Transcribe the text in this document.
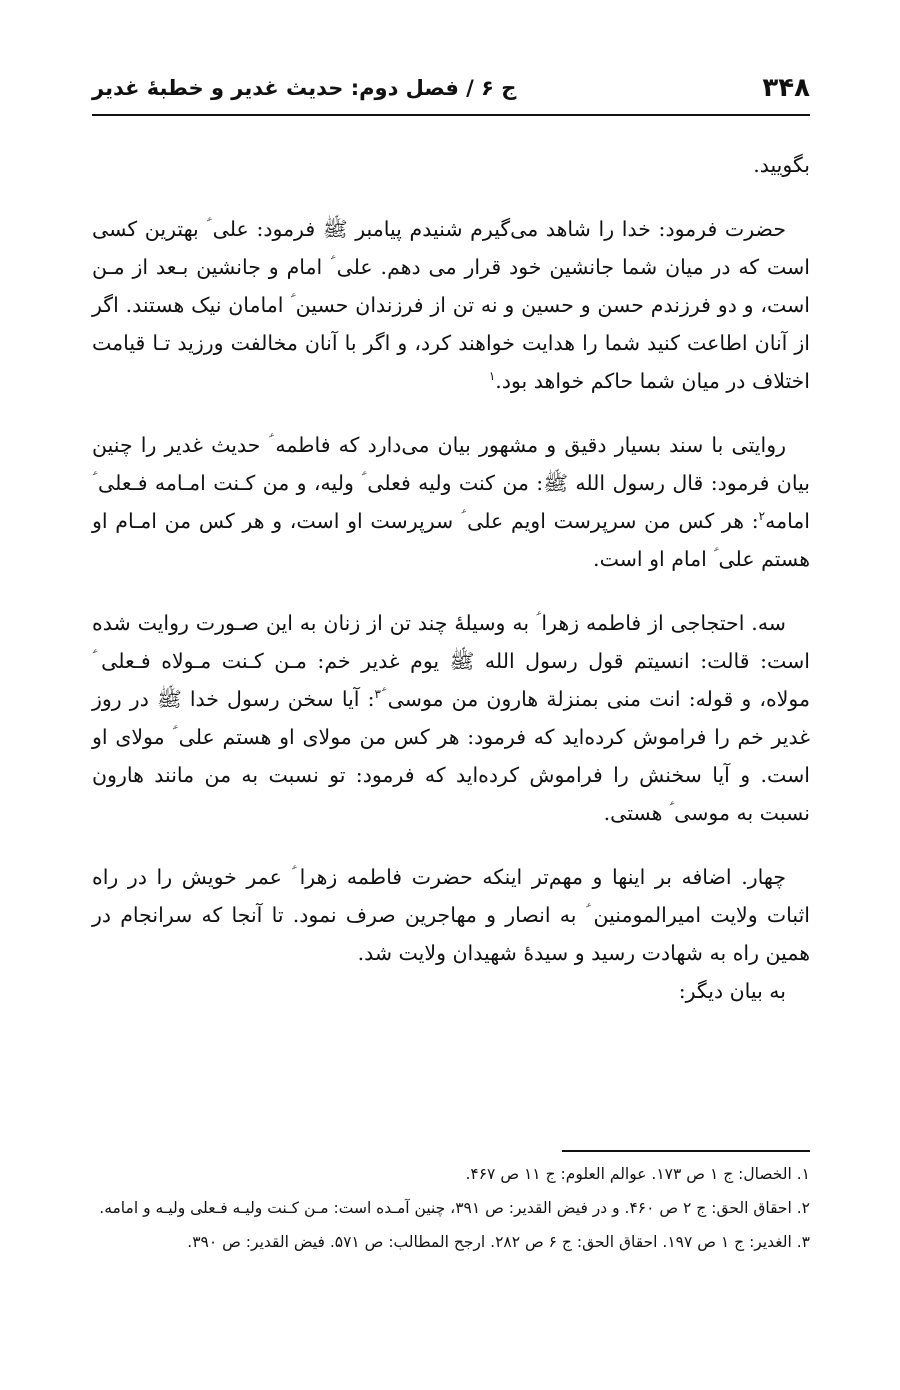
۳۴۸
ج ۶ / فصل دوم: حدیث غدیر و خطبۀ غدیر

بگویید.

حضرت فرمود: خدا را شاهد می‌گیرم شنیدم پیامبر ﷺ فرمود: علی ؑ بهترین کسی است که در میان شما جانشین خود قرار می دهم. علی ؑ امام و جانشین بـعد از مـن است، و دو فرزندم حسن و حسین و نه تن از فرزندان حسین ؑ امامان نیک هستند. اگر از آنان اطاعت کنید شما را هدایت خواهند کرد، و اگر با آنان مخالفت ورزید تـا قیامت اختلاف در میان شما حاکم خواهد بود.$^۱$

روایتی با سند بسیار دقیق و مشهور بیان می‌دارد که فاطمه ؑ حدیث غدیر را چنین بیان فرمود: قال رسول الله ﷺ: من کنت ولیه فعلی ؑ ولیه، و من کـنت امـامه فـعلی ؑ امامه$^۲$: هر کس من سرپرست اویم علی ؑ سرپرست او است، و هر کس من امـام او هستم علی ؑ امام او است.

سه. احتجاجی از فاطمه زهرا ؑ به وسیلۀ چند تن از زنان به این صـورت روایت شده است: قالت: انسیتم قول رسول الله ﷺ یوم غدیر خم: مـن کـنت مـولاه فـعلی ؑ مولاه، و قوله: انت منی بمنزلة هارون من موسی ؑ$^۳$: آیا سخن رسول خدا ﷺ در روز غدیر خم را فراموش کرده‌اید که فرمود: هر کس من مولای او هستم علی ؑ مولای او است. و آیا سخنش را فراموش کرده‌اید که فرمود: تو نسبت به من مانند هارون نسبت به موسی ؑ هستی.

چهار. اضافه بر اینها و مهم‌تر اینکه حضرت فاطمه زهرا ؑ عمر خویش را در راه اثبات ولایت امیرالمومنین ؑ به انصار و مهاجرین صرف نمود. تا آنجا که سرانجام در همین راه به شهادت رسید و سیدۀ شهیدان ولایت شد.

به بیان دیگر:

۱. الخصال: ج ۱ ص ۱۷۳. عوالم العلوم: ج ۱۱ ص ۴۶۷.

۲. احقاق الحق: ج ۲ ص ۴۶۰. و در فیض القدیر: ص ۳۹۱، چنین آمـده است: مـن کـنت ولیـه فـعلی ولیـه و امامه.

۳. الغدیر: ج ۱ ص ۱۹۷. احقاق الحق: ج ۶ ص ۲۸۲. ارجح المطالب: ص ۵۷۱. فیض القدیر: ص ۳۹۰.
